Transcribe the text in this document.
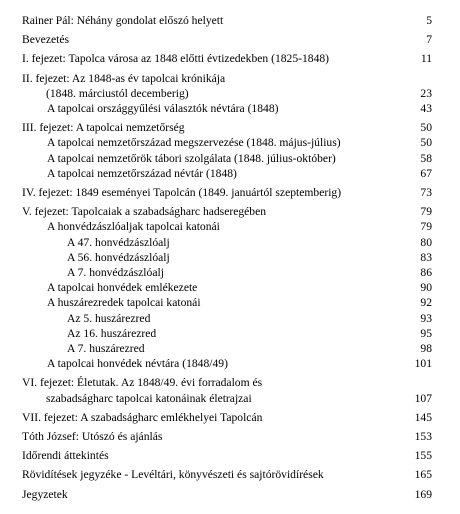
Rainer Pál: Néhány gondolat előszó helyett	5
Bevezetés	7
I. fejezet: Tapolca városa az 1848 előtti évtizedekben (1825-1848)	11
II. fejezet: Az 1848-as év tapolcai krónikája
(1848. márciustól decemberig)	23
A tapolcai országgyűlési választók névtára (1848)	43
III. fejezet: A tapolcai nemzetőrség	50
A tapolcai nemzetőrszázad megszervezése (1848. május-július)	50
A tapolcai nemzetőrök tábori szolgálata (1848. július-október)	58
A tapolcai nemzetőrszázad névtár (1848)	67
IV. fejezet: 1849 eseményei Tapolcán (1849. januártól szeptemberig)	73
V. fejezet: Tapolcaiak a szabadságharc hadseregében	79
A honvédzászlóaljak tapolcai katonái	79
A 47. honvédzászlóalj	80
A 56. honvédzászlóalj	83
A 7. honvédzászlóalj	86
A tapolcai honvédek emlékezete	90
A huszárezredek tapolcai katonái	92
Az 5. huszárezred	93
Az 16. huszárezred	95
A 7. huszárezred	98
A tapolcai honvédek névtára (1848/49)	101
VI. fejezet: Életutak. Az 1848/49. évi forradalom és
szabadságharc tapolcai katonáinak életrajzai	107
VII. fejezet: A szabadságharc emlékhelyei Tapolcán	145
Tóth József: Utószó és ajánlás	153
Időrendi áttekintés	155
Rövidítések jegyzéke - Levéltári, könyvészeti és sajtórövidírések	165
Jegyzetek	169
